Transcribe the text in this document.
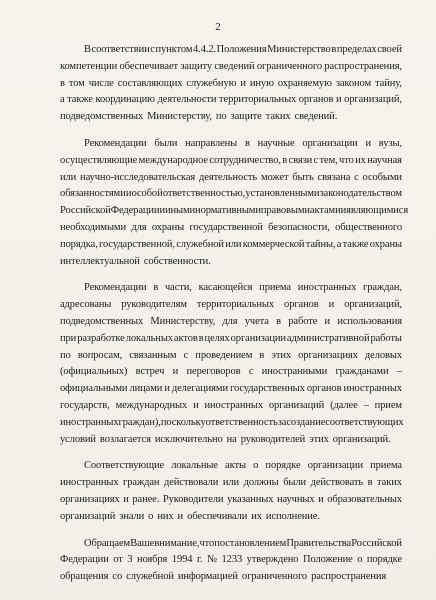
2
В соответствии с пунктом 4.4.2. Положения Министерство в пределах своей
компетенции обеспечивает защиту сведений ограниченного распространения,
в том числе составляющих служебную и иную охраняемую законом тайну,
а также координацию деятельности территориальных органов и организаций,
подведомственных Министерству, по защите таких сведений.
Рекомендации были направлены в научные организации и вузы,
осуществляющие международное сотрудничество, в связи с тем, что их научная
или научно-исследовательская деятельность может быть связана с особыми
обязанностями и особой ответственностью, установленными законодательством
Российской Федерации и иными нормативными правовыми актами и являющимися
необходимыми для охраны государственной безопасности, общественного
порядка, государственной, служебной или коммерческой тайны, а также охраны
интеллектуальной собственности.
Рекомендации в части, касающейся приема иностранных граждан,
адресованы руководителям территориальных органов и организаций,
подведомственных Министерству, для учета в работе и использования
при разработке локальных актов в целях организации административной работы
по вопросам, связанным с проведением в этих организациях деловых
(официальных) встреч и переговоров с иностранными гражданами –
официальными лицами и делегациями государственных органов иностранных
государств, международных и иностранных организаций (далее – прием
иностранных граждан), поскольку ответственность за создание соответствующих
условий возлагается исключительно на руководителей этих организаций.
Соответствующие локальные акты о порядке организации приема
иностранных граждан действовали или должны были действовать в таких
организациях и ранее. Руководители указанных научных и образовательных
организаций знали о них и обеспечивали их исполнение.
Обращаем Ваше внимание, что постановлением Правительства Российской
Федерации от 3 ноября 1994 г. № 1233 утверждено Положение о порядке
обращения со служебной информацией ограниченного распространения
